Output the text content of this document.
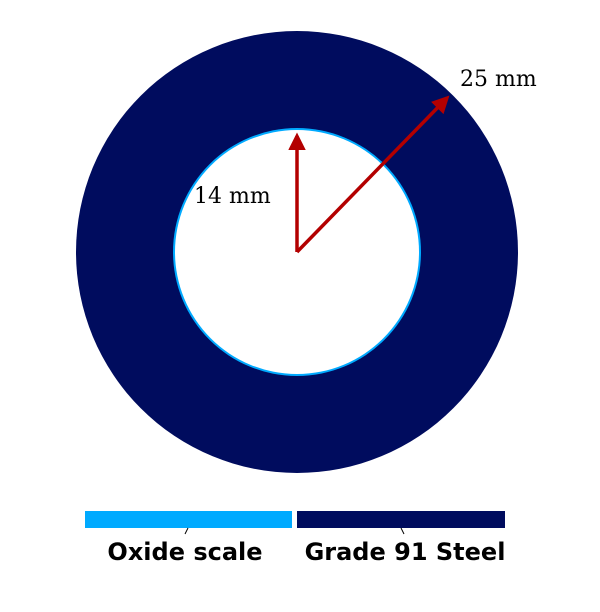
25 mm
14 mm
Oxide scale Grade 91 Steel
